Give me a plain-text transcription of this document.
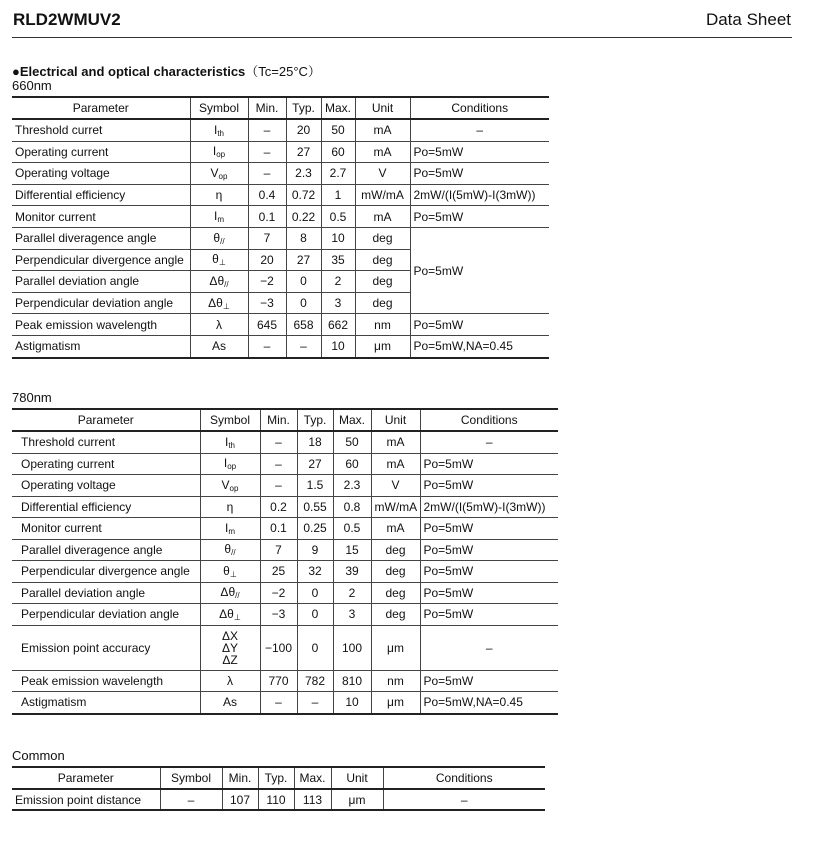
RLD2WMUV2	Data Sheet
●Electrical and optical characteristics（Tc=25°C）
660nm
Parameter	Symbol	Min.	Typ.	Max.	Unit	Conditions
Threshold curret	$I_{th}$	–	20	50	mA	–
Operating current	$I_{op}$	–	27	60	mA	Po=5mW
Operating voltage	$V_{op}$	–	2.3	2.7	V	Po=5mW
Differential efficiency	η	0.4	0.72	1	mW/mA	2mW/(I(5mW)-I(3mW))
Monitor current	$I_m$	0.1	0.22	0.5	mA	Po=5mW
Parallel diveragence angle	$\theta_{//}$	7	8	10	deg	Po=5mW
Perpendicular divergence angle	$\theta_\perp$	20	27	35	deg	
Parallel deviation angle	$\Delta\theta_{//}$	−2	0	2	deg	
Perpendicular deviation angle	$\Delta\theta_\perp$	−3	0	3	deg	
Peak emission wavelength	λ	645	658	662	nm	Po=5mW
Astigmatism	As	–	–	10	μm	Po=5mW,NA=0.45
780nm
Parameter	Symbol	Min.	Typ.	Max.	Unit	Conditions
Threshold current	$I_{th}$	–	18	50	mA	–
Operating current	$I_{op}$	–	27	60	mA	Po=5mW
Operating voltage	$V_{op}$	–	1.5	2.3	V	Po=5mW
Differential efficiency	η	0.2	0.55	0.8	mW/mA	2mW/(I(5mW)-I(3mW))
Monitor current	$I_m$	0.1	0.25	0.5	mA	Po=5mW
Parallel diveragence angle	$\theta_{//}$	7	9	15	deg	Po=5mW
Perpendicular divergence angle	$\theta_\perp$	25	32	39	deg	Po=5mW
Parallel deviation angle	$\Delta\theta_{//}$	−2	0	2	deg	Po=5mW
Perpendicular deviation angle	$\Delta\theta_\perp$	−3	0	3	deg	Po=5mW
Emission point accuracy	ΔX
ΔY
ΔZ	−100	0	100	μm	–
Peak emission wavelength	λ	770	782	810	nm	Po=5mW
Astigmatism	As	–	–	10	μm	Po=5mW,NA=0.45
Common
Parameter	Symbol	Min.	Typ.	Max.	Unit	Conditions
Emission point distance	–	107	110	113	μm	–
